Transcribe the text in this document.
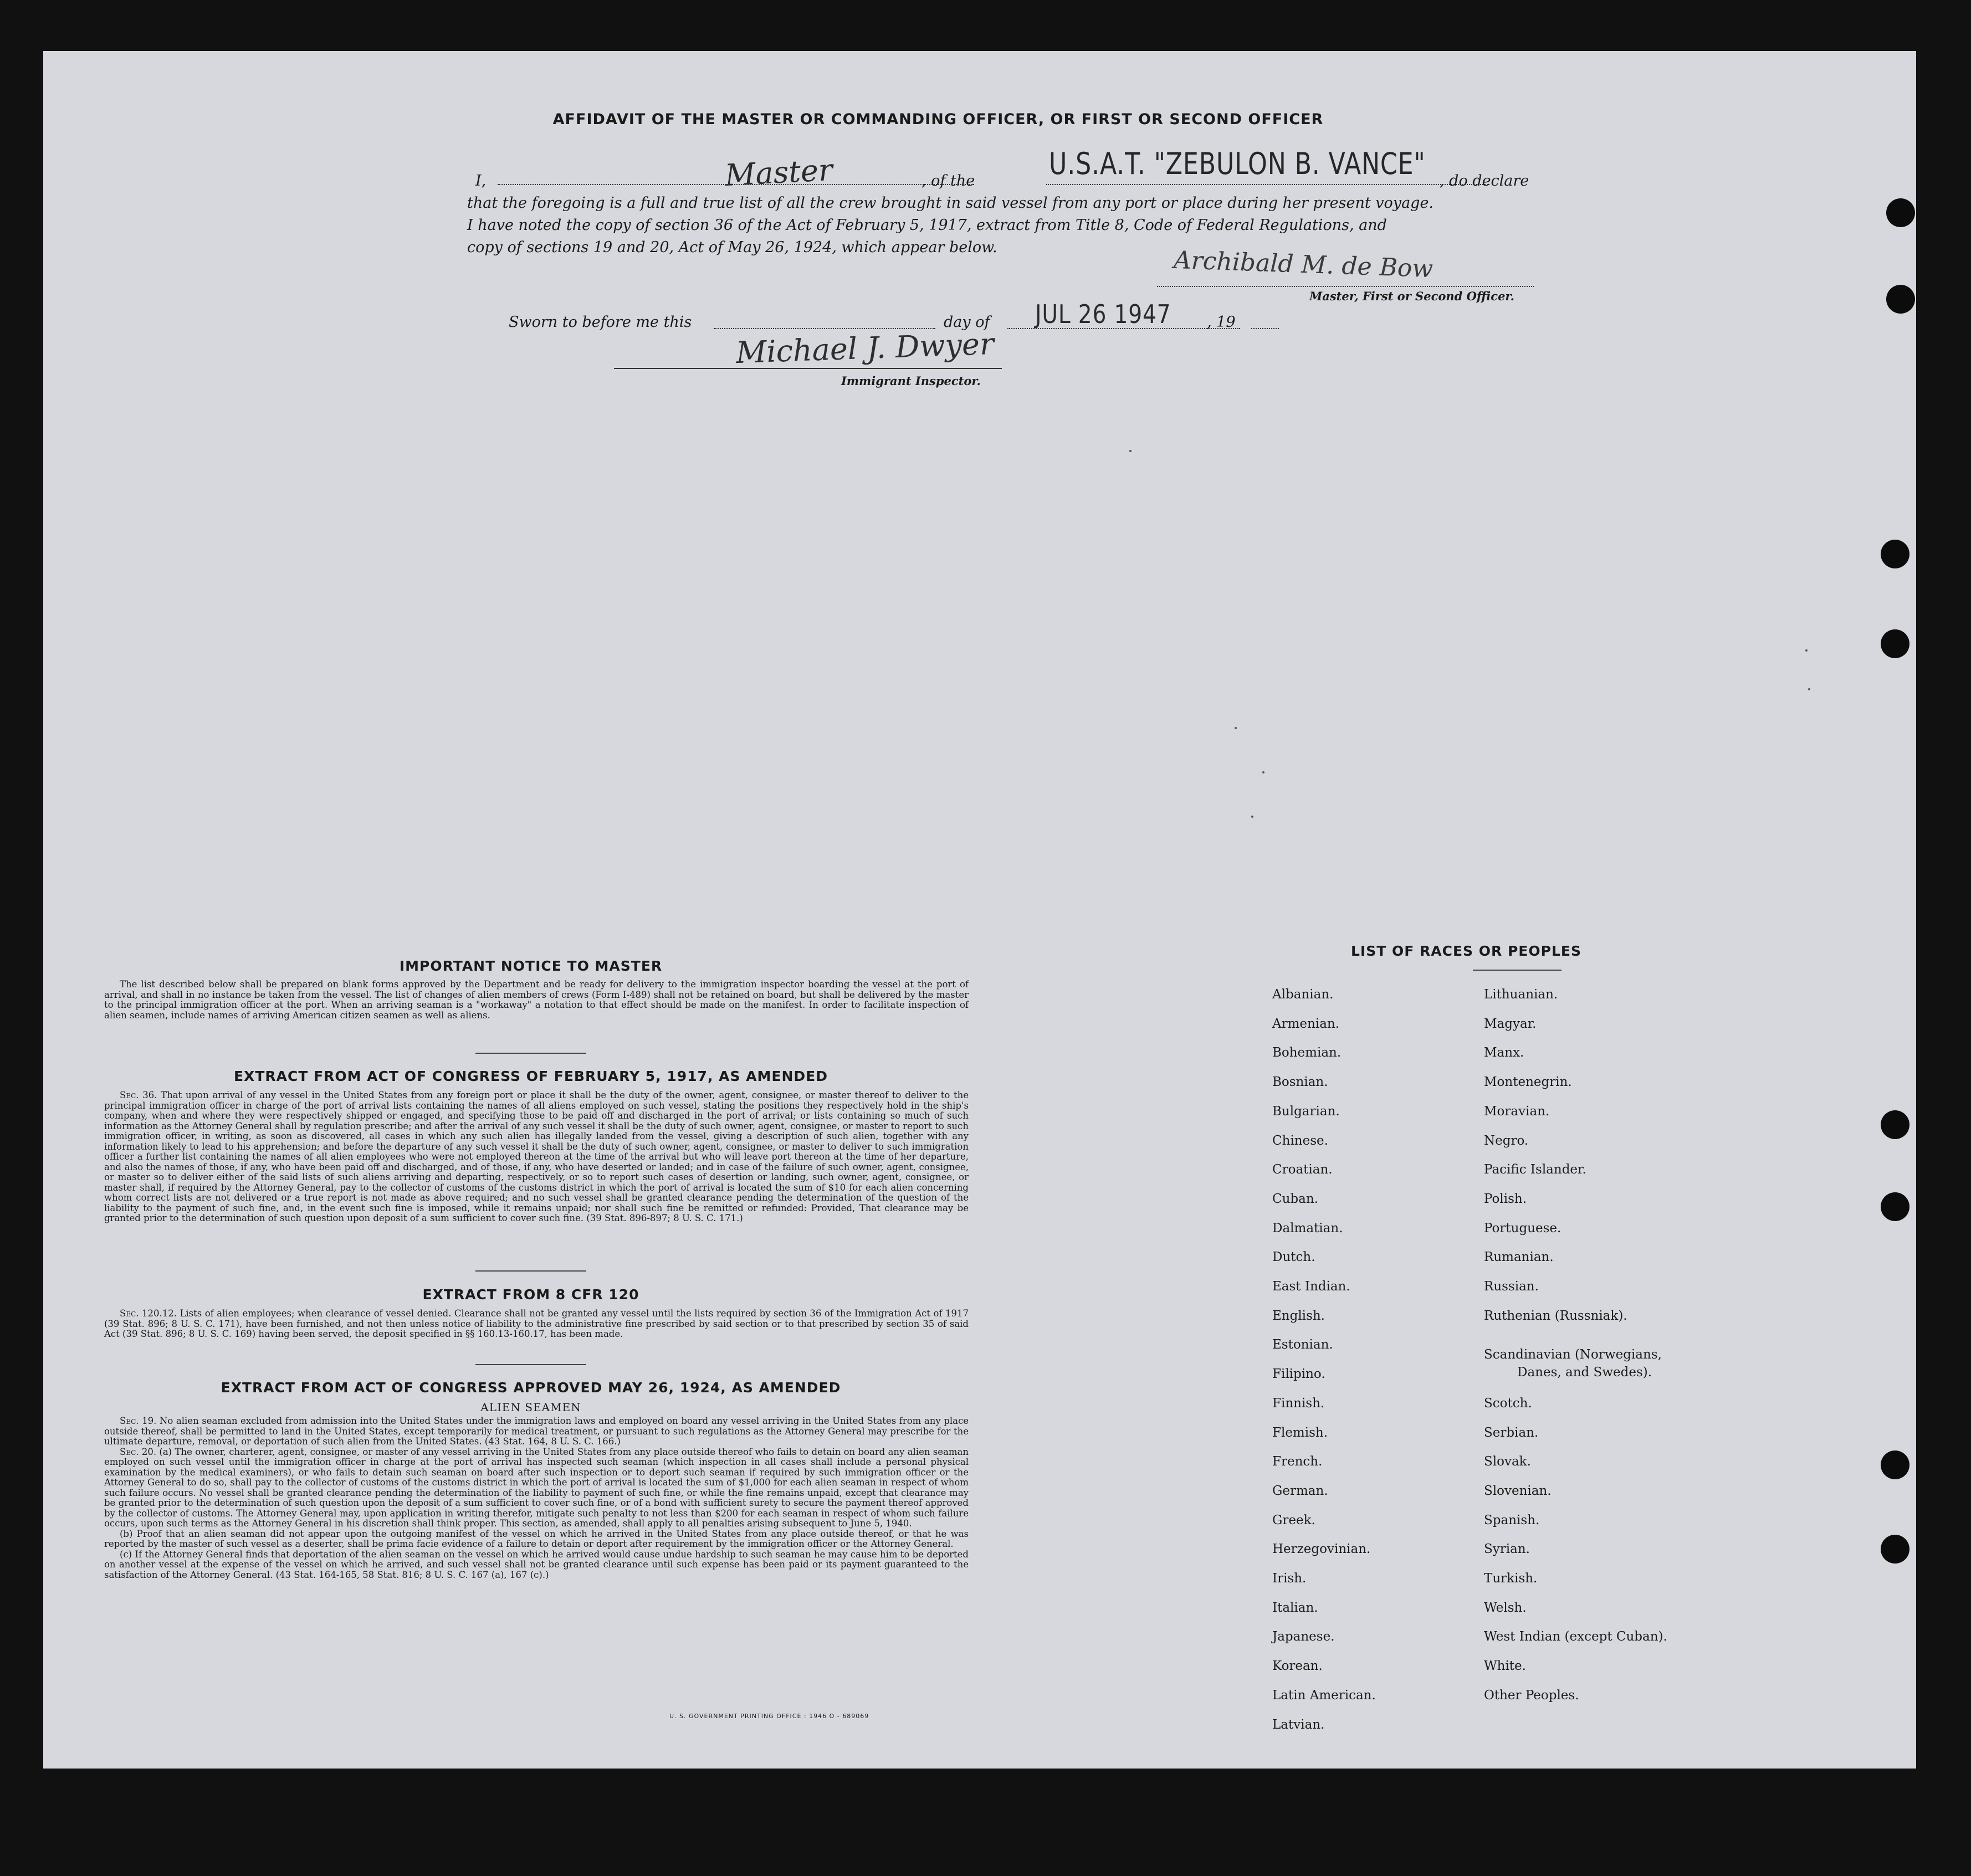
AFFIDAVIT OF THE MASTER OR COMMANDING OFFICER, OR FIRST OR SECOND OFFICER
I,	Master	, of the U.S.A.T. "ZEBULON B. VANCE" , do declare
that the foregoing is a full and true list of all the crew brought in said vessel from any port or place during her present voyage.
I have noted the copy of section 36 of the Act of February 5, 1917, extract from Title 8, Code of Federal Regulations, and
copy of sections 19 and 20, Act of May 26, 1924, which appear below.	Archibald M. de Bow
Master, First or Second Officer.
Sworn to before me this	day of JUL 26 1947 , 19
Michael J. Dwyer
Immigrant Inspector.
IMPORTANT NOTICE TO MASTER

The list described below shall be prepared on blank forms approved by the Department and be ready for delivery to the immigration inspector boarding the vessel at the port of arrival, and shall in no instance be taken from the vessel. The list of changes of alien members of crews (Form I-489) shall not be retained on board, but shall be delivered by the master to the principal immigration officer at the port. When an arriving seaman is a "workaway" a notation to that effect should be made on the manifest. In order to facilitate inspection of alien seamen, include names of arriving American citizen seamen as well as aliens.

EXTRACT FROM ACT OF CONGRESS OF FEBRUARY 5, 1917, AS AMENDED

Sec. 36. That upon arrival of any vessel in the United States from any foreign port or place it shall be the duty of the owner, agent, consignee, or master thereof to deliver to the principal immigration officer in charge of the port of arrival lists containing the names of all aliens employed on such vessel, stating the positions they respectively hold in the ship's company, when and where they were respectively shipped or engaged, and specifying those to be paid off and discharged in the port of arrival; or lists containing so much of such information as the Attorney General shall by regulation prescribe; and after the arrival of any such vessel it shall be the duty of such owner, agent, consignee, or master to report to such immigration officer, in writing, as soon as discovered, all cases in which any such alien has illegally landed from the vessel, giving a description of such alien, together with any information likely to lead to his apprehension; and before the departure of any such vessel it shall be the duty of such owner, agent, consignee, or master to deliver to such immigration officer a further list containing the names of all alien employees who were not employed thereon at the time of the arrival but who will leave port thereon at the time of her departure, and also the names of those, if any, who have been paid off and discharged, and of those, if any, who have deserted or landed; and in case of the failure of such owner, agent, consignee, or master so to deliver either of the said lists of such aliens arriving and departing, respectively, or so to report such cases of desertion or landing, such owner, agent, consignee, or master shall, if required by the Attorney General, pay to the collector of customs of the customs district in which the port of arrival is located the sum of $10 for each alien concerning whom correct lists are not delivered or a true report is not made as above required; and no such vessel shall be granted clearance pending the determination of the question of the liability to the payment of such fine, and, in the event such fine is imposed, while it remains unpaid; nor shall such fine be remitted or refunded: Provided, That clearance may be granted prior to the determination of such question upon deposit of a sum sufficient to cover such fine. (39 Stat. 896-897; 8 U. S. C. 171.)

EXTRACT FROM 8 CFR 120

Sec. 120.12. Lists of alien employees; when clearance of vessel denied. Clearance shall not be granted any vessel until the lists required by section 36 of the Immigration Act of 1917 (39 Stat. 896; 8 U. S. C. 171), have been furnished, and not then unless notice of liability to the administrative fine prescribed by said section or to that prescribed by section 35 of said Act (39 Stat. 896; 8 U. S. C. 169) having been served, the deposit specified in §§ 160.13-160.17, has been made.

EXTRACT FROM ACT OF CONGRESS APPROVED MAY 26, 1924, AS AMENDED
ALIEN SEAMEN

Sec. 19. No alien seaman excluded from admission into the United States under the immigration laws and employed on board any vessel arriving in the United States from any place outside thereof, shall be permitted to land in the United States, except temporarily for medical treatment, or pursuant to such regulations as the Attorney General may prescribe for the ultimate departure, removal, or deportation of such alien from the United States. (43 Stat. 164, 8 U. S. C. 166.)

Sec. 20. (a) The owner, charterer, agent, consignee, or master of any vessel arriving in the United States from any place outside thereof who fails to detain on board any alien seaman employed on such vessel until the immigration officer in charge at the port of arrival has inspected such seaman (which inspection in all cases shall include a personal physical examination by the medical examiners), or who fails to detain such seaman on board after such inspection or to deport such seaman if required by such immigration officer or the Attorney General to do so, shall pay to the collector of customs of the customs district in which the port of arrival is located the sum of $1,000 for each alien seaman in respect of whom such failure occurs. No vessel shall be granted clearance pending the determination of the liability to payment of such fine, or while the fine remains unpaid, except that clearance may be granted prior to the determination of such question upon the deposit of a sum sufficient to cover such fine, or of a bond with sufficient surety to secure the payment thereof approved by the collector of customs. The Attorney General may, upon application in writing therefor, mitigate such penalty to not less than $200 for each seaman in respect of whom such failure occurs, upon such terms as the Attorney General in his discretion shall think proper. This section, as amended, shall apply to all penalties arising subsequent to June 5, 1940.

(b) Proof that an alien seaman did not appear upon the outgoing manifest of the vessel on which he arrived in the United States from any place outside thereof, or that he was reported by the master of such vessel as a deserter, shall be prima facie evidence of a failure to detain or deport after requirement by the immigration officer or the Attorney General.

(c) If the Attorney General finds that deportation of the alien seaman on the vessel on which he arrived would cause undue hardship to such seaman he may cause him to be deported on another vessel at the expense of the vessel on which he arrived, and such vessel shall not be granted clearance until such expense has been paid or its payment guaranteed to the satisfaction of the Attorney General. (43 Stat. 164-165, 58 Stat. 816; 8 U. S. C. 167 (a), 167 (c).)

U. S. GOVERNMENT PRINTING OFFICE : 1946 O - 689069
LIST OF RACES OR PEOPLES
Albanian.
Armenian.
Bohemian.
Bosnian.
Bulgarian.
Chinese.
Croatian.
Cuban.
Dalmatian.
Dutch.
East Indian.
English.
Estonian.
Filipino.
Finnish.
Flemish.
French.
German.
Greek.
Herzegovinian.
Irish.
Italian.
Japanese.
Korean.
Latin American.
Latvian.
Lithuanian.
Magyar.
Manx.
Montenegrin.
Moravian.
Negro.
Pacific Islander.
Polish.
Portuguese.
Rumanian.
Russian.
Ruthenian (Russniak).
Scandinavian (Norwegians,
Danes, and Swedes).
Scotch.
Serbian.
Slovak.
Slovenian.
Spanish.
Syrian.
Turkish.
Welsh.
West Indian (except Cuban).
White.
Other Peoples.
